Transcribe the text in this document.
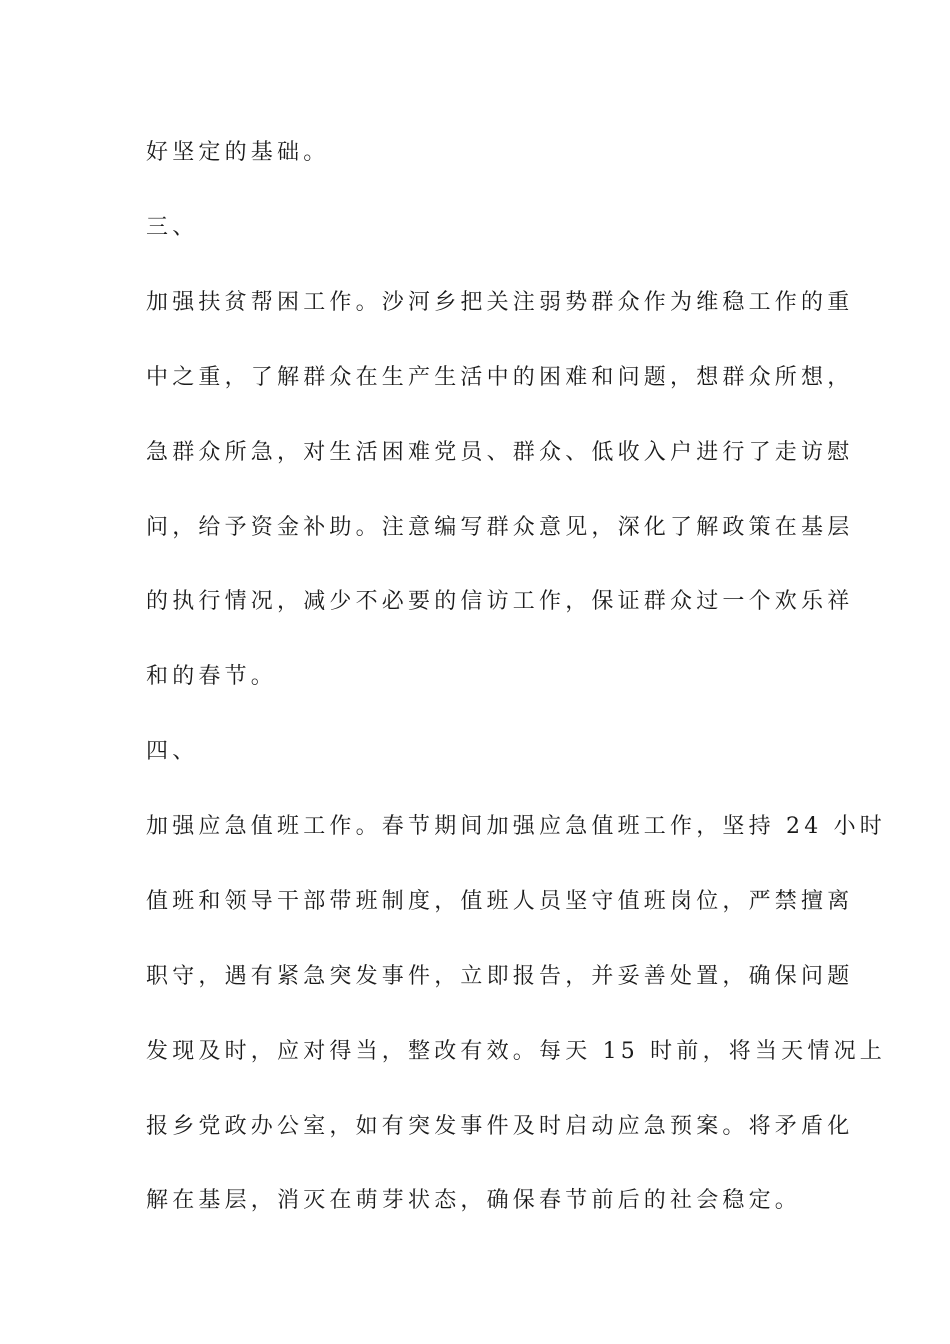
好坚定的基础。
三、
加强扶贫帮困工作。沙河乡把关注弱势群众作为维稳工作的重
中之重，了解群众在生产生活中的困难和问题，想群众所想，
急群众所急，对生活困难党员、群众、低收入户进行了走访慰
问，给予资金补助。注意编写群众意见，深化了解政策在基层
的执行情况，减少不必要的信访工作，保证群众过一个欢乐祥
和的春节。
四、
加强应急值班工作。春节期间加强应急值班工作，坚持 24 小时
值班和领导干部带班制度，值班人员坚守值班岗位，严禁擅离
职守，遇有紧急突发事件，立即报告，并妥善处置，确保问题
发现及时，应对得当，整改有效。每天 15 时前，将当天情况上
报乡党政办公室，如有突发事件及时启动应急预案。将矛盾化
解在基层，消灭在萌芽状态，确保春节前后的社会稳定。
